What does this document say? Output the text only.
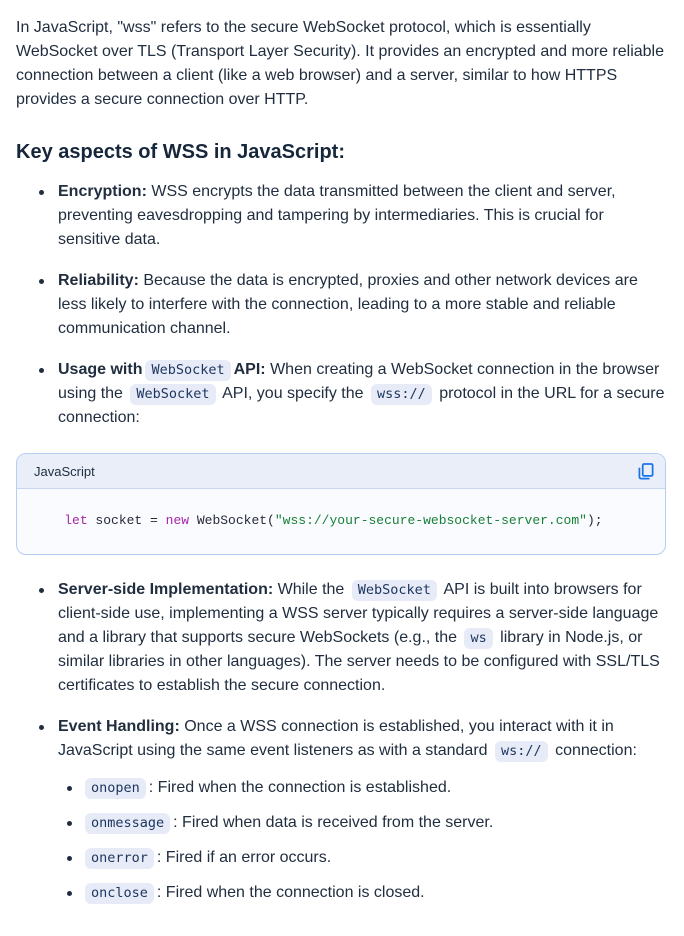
In JavaScript, "wss" refers to the secure WebSocket protocol, which is essentially WebSocket over TLS (Transport Layer Security). It provides an encrypted and more reliable connection between a client (like a web browser) and a server, similar to how HTTPS provides a secure connection over HTTP.

Key aspects of WSS in JavaScript:
Encryption: WSS encrypts the data transmitted between the client and server, preventing eavesdropping and tampering by intermediaries. This is crucial for sensitive data.
Reliability: Because the data is encrypted, proxies and other network devices are less likely to interfere with the connection, leading to a more stable and reliable communication channel.
Usage with WebSocket API: When creating a WebSocket connection in the browser using the WebSocket API, you specify the wss:// protocol in the URL for a secure connection:
JavaScript
let socket = new WebSocket("wss://your-secure-websocket-server.com");
Server-side Implementation: While the WebSocket API is built into browsers for client-side use, implementing a WSS server typically requires a server-side language and a library that supports secure WebSockets (e.g., the ws library in Node.js, or similar libraries in other languages). The server needs to be configured with SSL/TLS certificates to establish the secure connection.
Event Handling: Once a WSS connection is established, you interact with it in JavaScript using the same event listeners as with a standard ws:// connection:
onopen : Fired when the connection is established.
onmessage : Fired when data is received from the server.
onerror : Fired if an error occurs.
onclose : Fired when the connection is closed.
